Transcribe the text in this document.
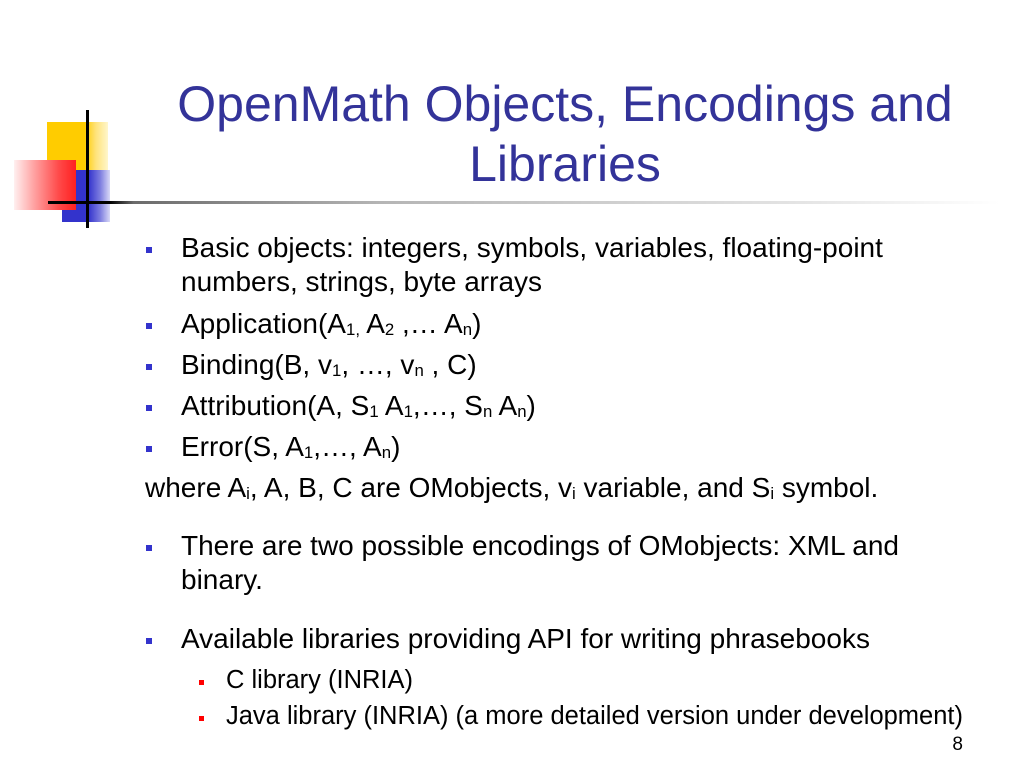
OpenMath Objects, Encodings and
Libraries
Basic objects: integers, symbols, variables, floating-point
numbers, strings, byte arrays
Application(A1, A2 ,… An)
Binding(B, v1, …, vn , C)
Attribution(A, S1 A1,…, Sn An)
Error(S, A1,…, An)
where Ai, A, B, C are OMobjects, vi variable, and Si symbol.
There are two possible encodings of OMobjects: XML and
binary.
Available libraries providing API for writing phrasebooks
C library (INRIA)
Java library (INRIA) (a more detailed version under development)
8
